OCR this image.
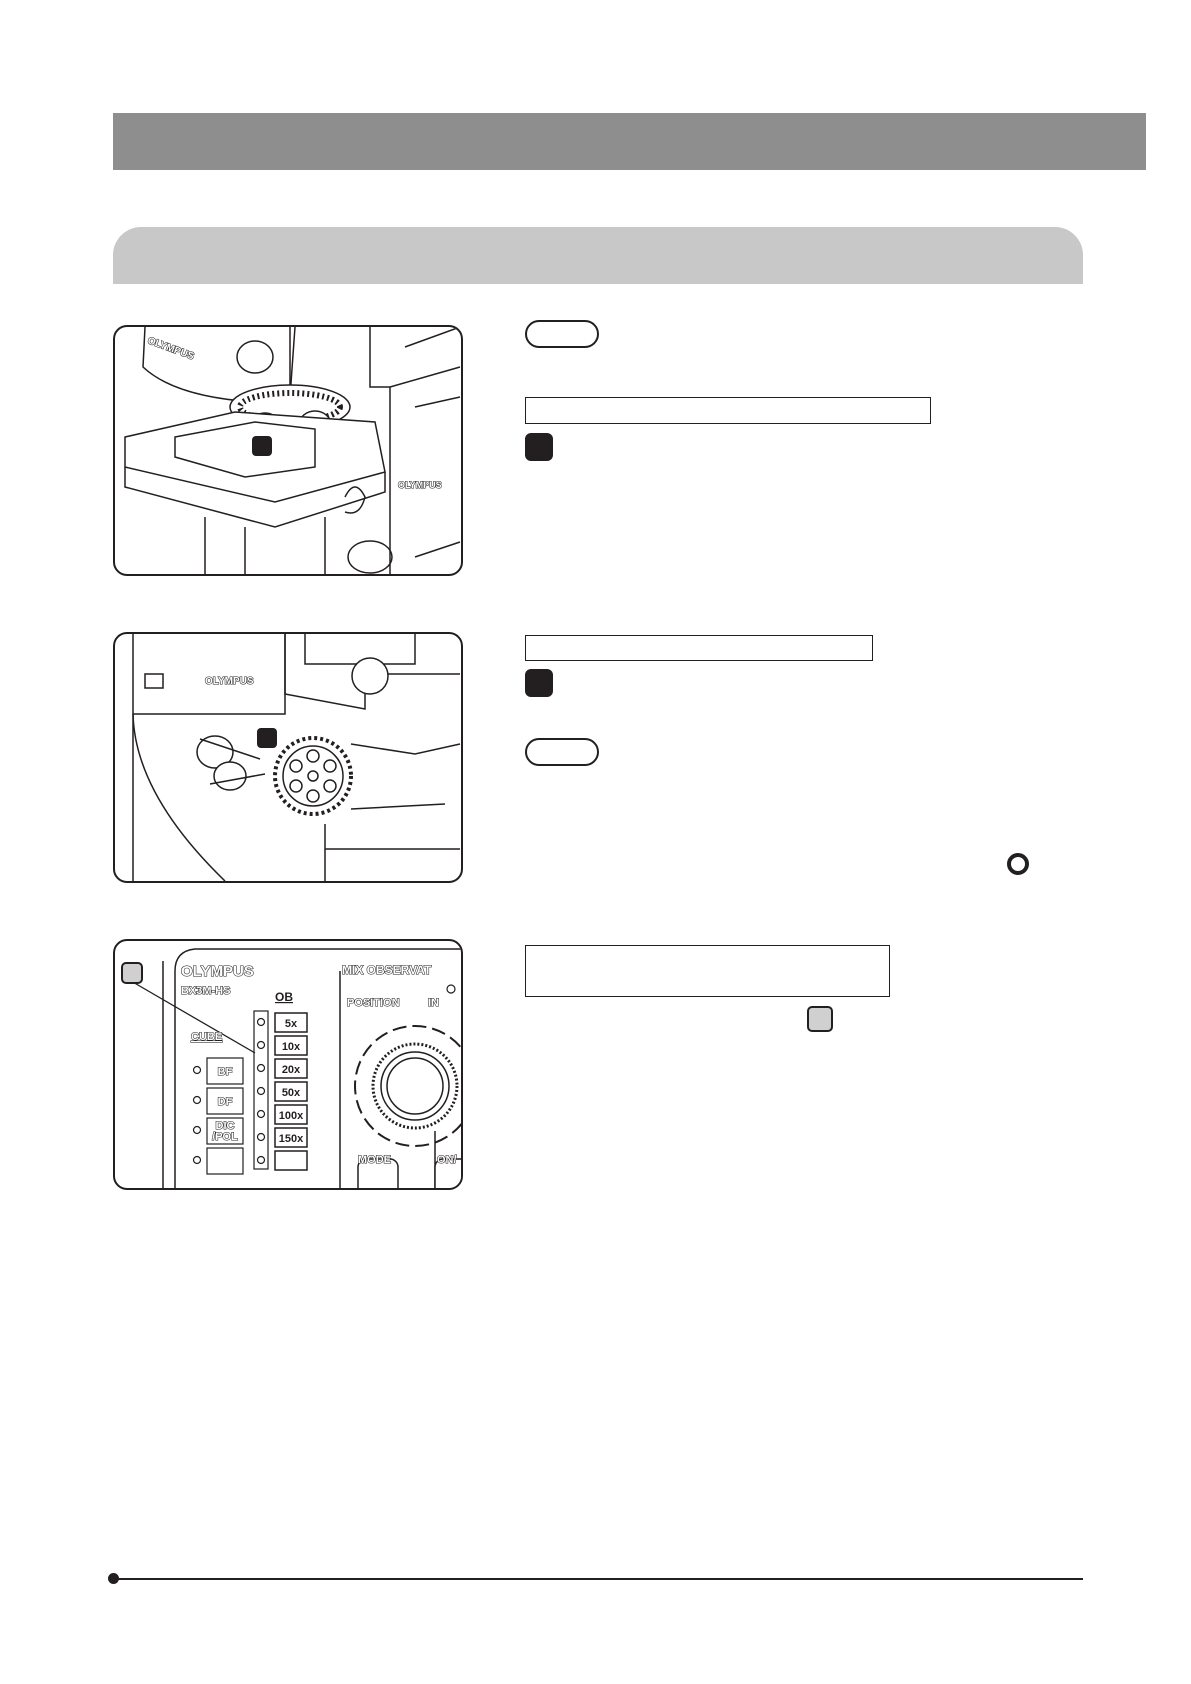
OLYMPUS
OLYMPUS
OLYMPUS
OLYMPUS
BX3M-HS	OB
CUBE
MIX OBSERVAT
POSITION	IN
MODE	ON/
5x
10x
20x
50x
100x
150x
BF
DF
DIC
/POL
